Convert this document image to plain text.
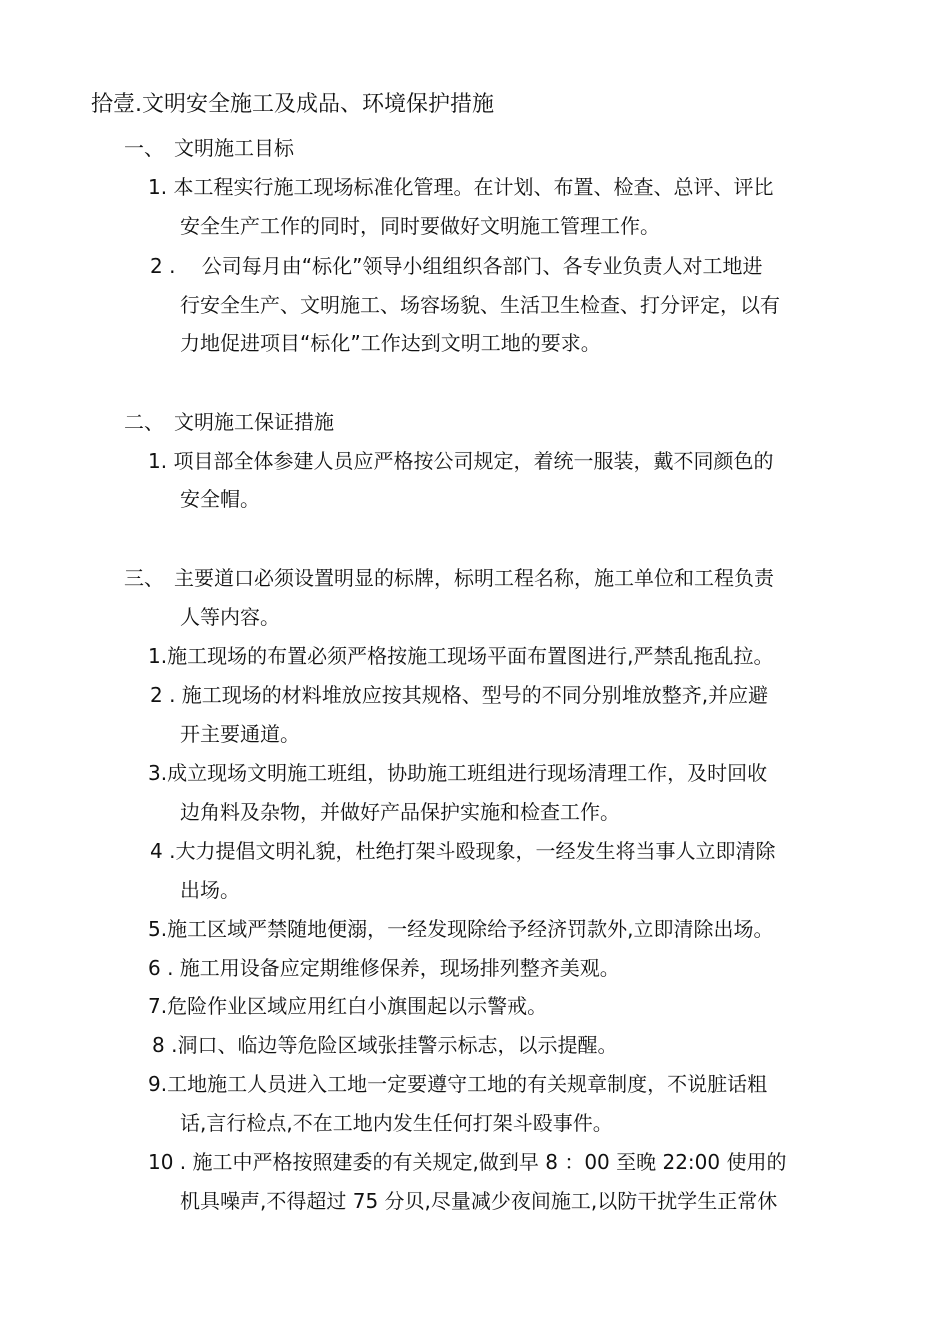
拾壹.文明安全施工及成品、环境保护措施

一、　文明施工目标

1. 本工程实行施工现场标准化管理。在计划、布置、检查、总评、评比

安全生产工作的同时，同时要做好文明施工管理工作。

2 .　 公司每月由“标化”领导小组组织各部门、各专业负责人对工地进

行安全生产、文明施工、场容场貌、生活卫生检查、打分评定，以有

力地促进项目“标化”工作达到文明工地的要求。

二、　文明施工保证措施

1. 项目部全体参建人员应严格按公司规定，着统一服装，戴不同颜色的

安全帽。

三、　主要道口必须设置明显的标牌，标明工程名称，施工单位和工程负责

人等内容。

1.施工现场的布置必须严格按施工现场平面布置图进行,严禁乱拖乱拉。

2 . 施工现场的材料堆放应按其规格、型号的不同分别堆放整齐,并应避

开主要通道。

3.成立现场文明施工班组，协助施工班组进行现场清理工作，及时回收

边角料及杂物，并做好产品保护实施和检查工作。

4 .大力提倡文明礼貌，杜绝打架斗殴现象，一经发生将当事人立即清除

出场。

5.施工区域严禁随地便溺，一经发现除给予经济罚款外,立即清除出场。

6 . 施工用设备应定期维修保养，现场排列整齐美观。

7.危险作业区域应用红白小旗围起以示警戒。

8 .洞口、临边等危险区域张挂警示标志，以示提醒。

9.工地施工人员进入工地一定要遵守工地的有关规章制度，不说脏话粗

话,言行检点,不在工地内发生任何打架斗殴事件。

10 . 施工中严格按照建委的有关规定,做到早 8 ：00 至晚 22:00 使用的

机具噪声,不得超过 75 分贝,尽量减少夜间施工,以防干扰学生正常休
